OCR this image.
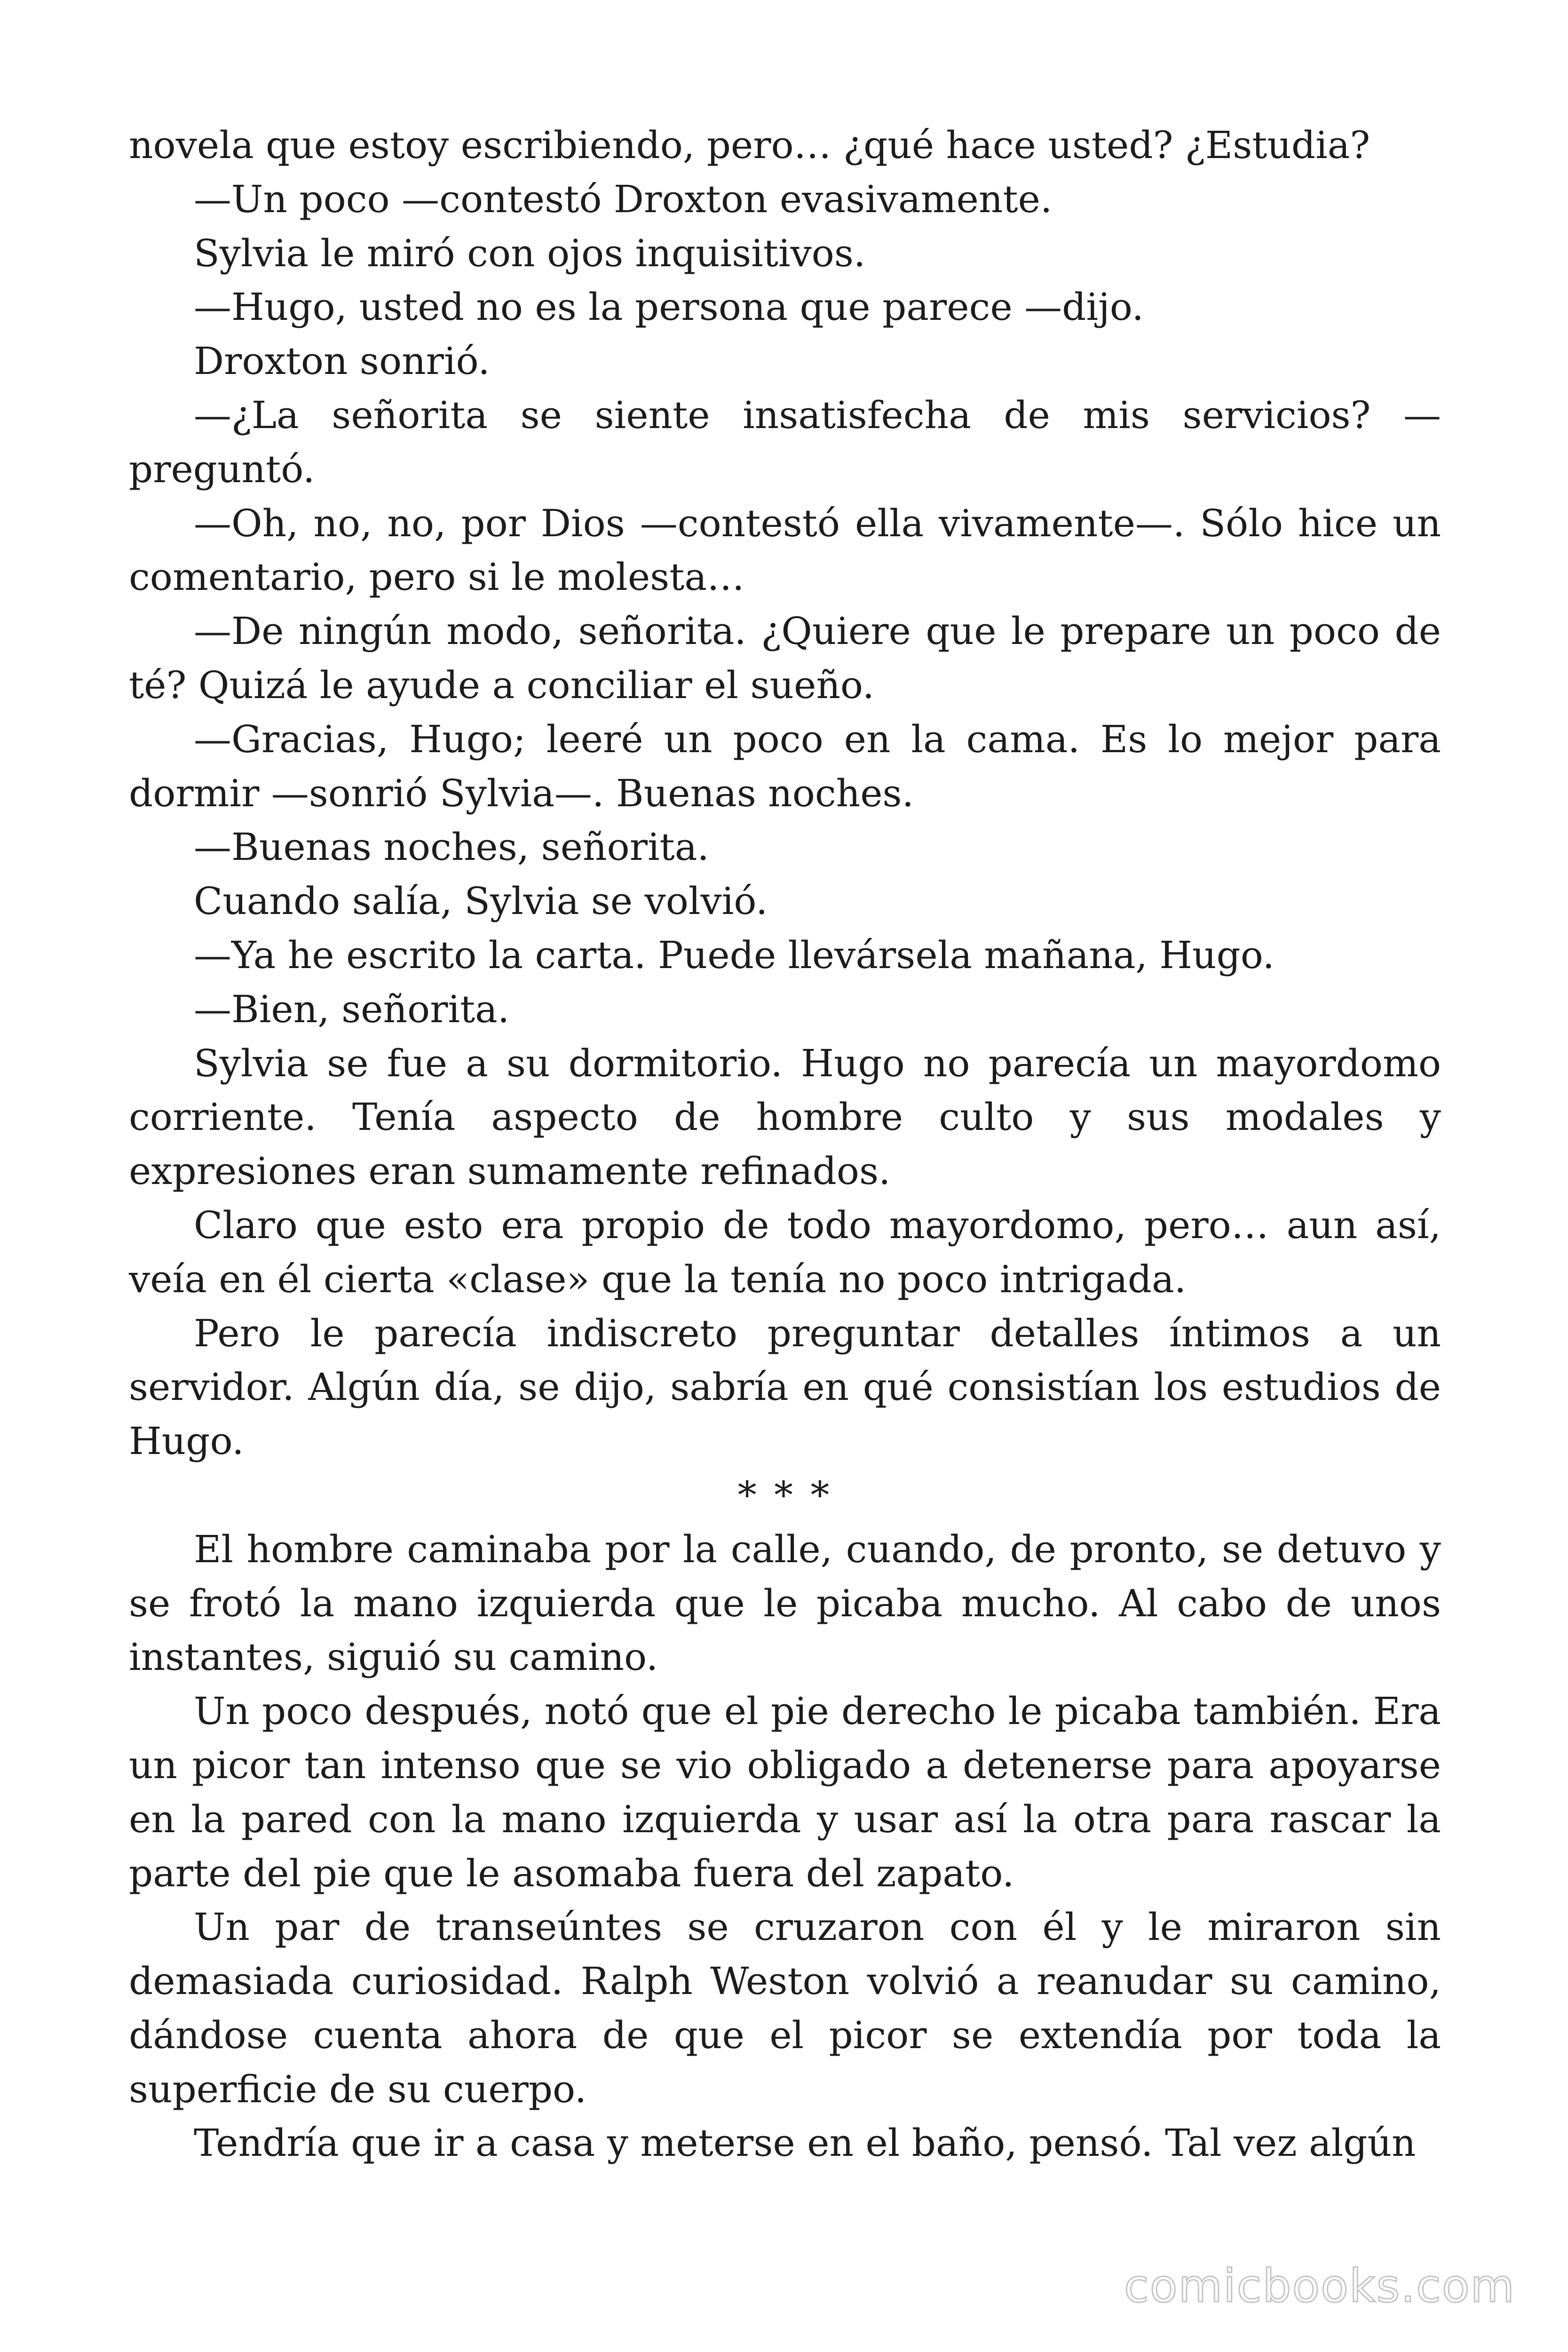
novela que estoy escribiendo, pero… ¿qué hace usted? ¿Estudia?

—Un poco —contestó Droxton evasivamente.

Sylvia le miró con ojos inquisitivos.

—Hugo, usted no es la persona que parece —dijo.

Droxton sonrió.

—¿La señorita se siente insatisfecha de mis servicios? —preguntó.

—Oh, no, no, por Dios —contestó ella vivamente—. Sólo hice un comentario, pero si le molesta…

—De ningún modo, señorita. ¿Quiere que le prepare un poco de té? Quizá le ayude a conciliar el sueño.

—Gracias, Hugo; leeré un poco en la cama. Es lo mejor para dormir —sonrió Sylvia—. Buenas noches.

—Buenas noches, señorita.

Cuando salía, Sylvia se volvió.

—Ya he escrito la carta. Puede llevársela mañana, Hugo.

—Bien, señorita.

Sylvia se fue a su dormitorio. Hugo no parecía un mayordomo corriente. Tenía aspecto de hombre culto y sus modales y expresiones eran sumamente refinados.

Claro que esto era propio de todo mayordomo, pero… aun así, veía en él cierta «clase» que la tenía no poco intrigada.

Pero le parecía indiscreto preguntar detalles íntimos a un servidor. Algún día, se dijo, sabría en qué consistían los estudios de Hugo.

* * *

El hombre caminaba por la calle, cuando, de pronto, se detuvo y se frotó la mano izquierda que le picaba mucho. Al cabo de unos instantes, siguió su camino.

Un poco después, notó que el pie derecho le picaba también. Era un picor tan intenso que se vio obligado a detenerse para apoyarse en la pared con la mano izquierda y usar así la otra para rascar la parte del pie que le asomaba fuera del zapato.

Un par de transeúntes se cruzaron con él y le miraron sin demasiada curiosidad. Ralph Weston volvió a reanudar su camino, dándose cuenta ahora de que el picor se extendía por toda la superficie de su cuerpo.

Tendría que ir a casa y meterse en el baño, pensó. Tal vez algún

comicbooks.com
